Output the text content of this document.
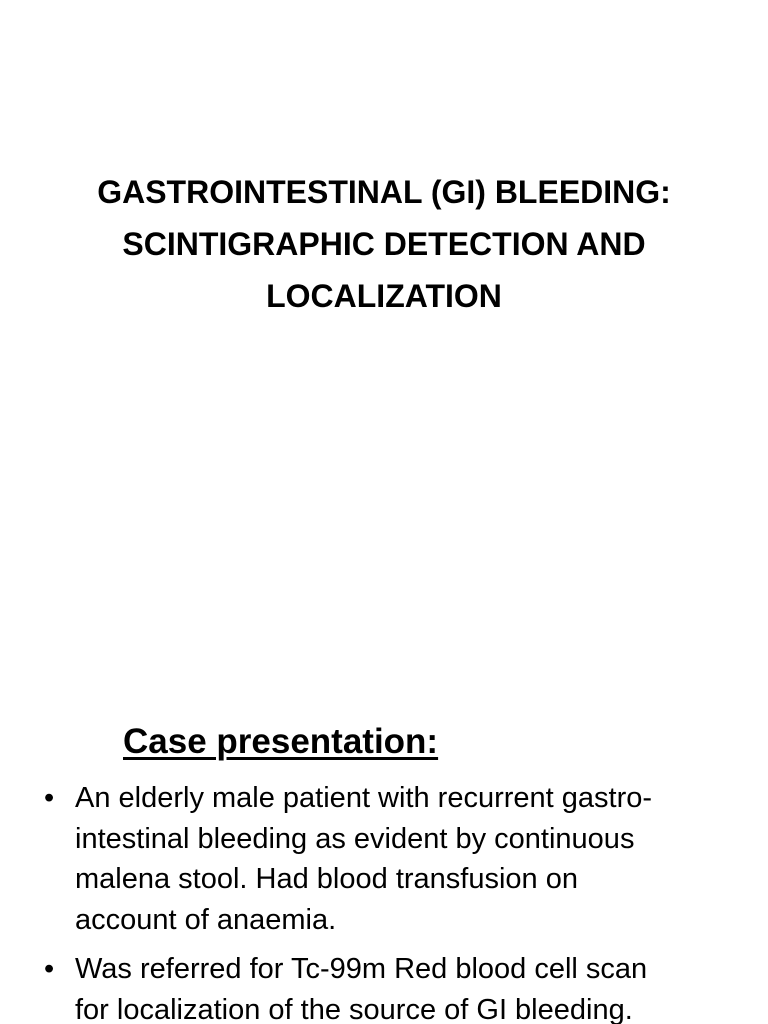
GASTROINTESTINAL (GI) BLEEDING:
SCINTIGRAPHIC DETECTION AND
LOCALIZATION
Case presentation:
• An elderly male patient with recurrent gastro-
intestinal bleeding as evident by continuous
malena stool. Had blood transfusion on
account of anaemia.
• Was referred for Tc-99m Red blood cell scan
for localization of the source of GI bleeding.
